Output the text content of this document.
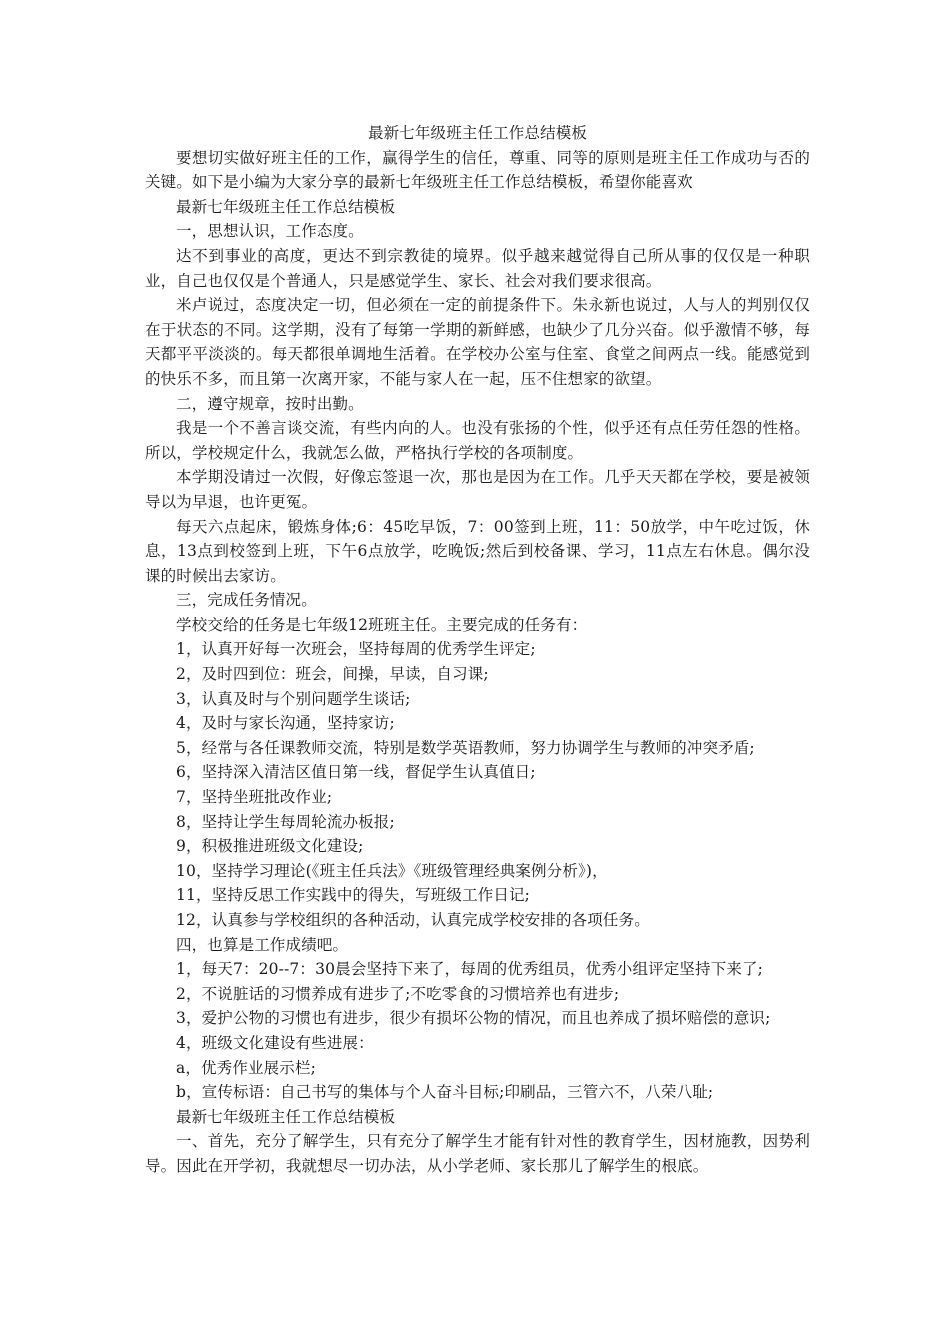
最新七年级班主任工作总结模板

要想切实做好班主任的工作，赢得学生的信任，尊重、同等的原则是班主任工作成功与否的关键。如下是小编为大家分享的最新七年级班主任工作总结模板，希望你能喜欢

最新七年级班主任工作总结模板

一，思想认识，工作态度。

达不到事业的高度，更达不到宗教徒的境界。似乎越来越觉得自己所从事的仅仅是一种职业，自己也仅仅是个普通人，只是感觉学生、家长、社会对我们要求很高。

米卢说过，态度决定一切，但必须在一定的前提条件下。朱永新也说过，人与人的判别仅仅在于状态的不同。这学期，没有了每第一学期的新鲜感，也缺少了几分兴奋。似乎激情不够，每天都平平淡淡的。每天都很单调地生活着。在学校办公室与住室、食堂之间两点一线。能感觉到的快乐不多，而且第一次离开家，不能与家人在一起，压不住想家的欲望。

二，遵守规章，按时出勤。

我是一个不善言谈交流，有些内向的人。也没有张扬的个性，似乎还有点任劳任怨的性格。所以，学校规定什么，我就怎么做，严格执行学校的各项制度。

本学期没请过一次假，好像忘签退一次，那也是因为在工作。几乎天天都在学校，要是被领导以为早退，也许更冤。

每天六点起床，锻炼身体;6：45吃早饭，7：00签到上班，11：50放学，中午吃过饭，休息，13点到校签到上班，下午6点放学，吃晚饭;然后到校备课、学习，11点左右休息。偶尔没课的时候出去家访。

三，完成任务情况。

学校交给的任务是七年级12班班主任。主要完成的任务有：

1，认真开好每一次班会，坚持每周的优秀学生评定;

2，及时四到位：班会，间操，早读，自习课;

3，认真及时与个别问题学生谈话;

4，及时与家长沟通，坚持家访;

5，经常与各任课教师交流，特别是数学英语教师，努力协调学生与教师的冲突矛盾;

6，坚持深入清洁区值日第一线，督促学生认真值日;

7，坚持坐班批改作业;

8，坚持让学生每周轮流办板报;

9，积极推进班级文化建设;

10，坚持学习理论(《班主任兵法》《班级管理经典案例分析》)，

11，坚持反思工作实践中的得失，写班级工作日记;

12，认真参与学校组织的各种活动，认真完成学校安排的各项任务。

四，也算是工作成绩吧。

1，每天7：20--7：30晨会坚持下来了，每周的优秀组员，优秀小组评定坚持下来了;

2，不说脏话的习惯养成有进步了;不吃零食的习惯培养也有进步;

3，爱护公物的习惯也有进步，很少有损坏公物的情况，而且也养成了损坏赔偿的意识;

4，班级文化建设有些进展：

a，优秀作业展示栏;

b，宣传标语：自己书写的集体与个人奋斗目标;印刷品，三管六不，八荣八耻;

最新七年级班主任工作总结模板

一、首先，充分了解学生，只有充分了解学生才能有针对性的教育学生，因材施教，因势利导。因此在开学初，我就想尽一切办法，从小学老师、家长那儿了解学生的根底。
